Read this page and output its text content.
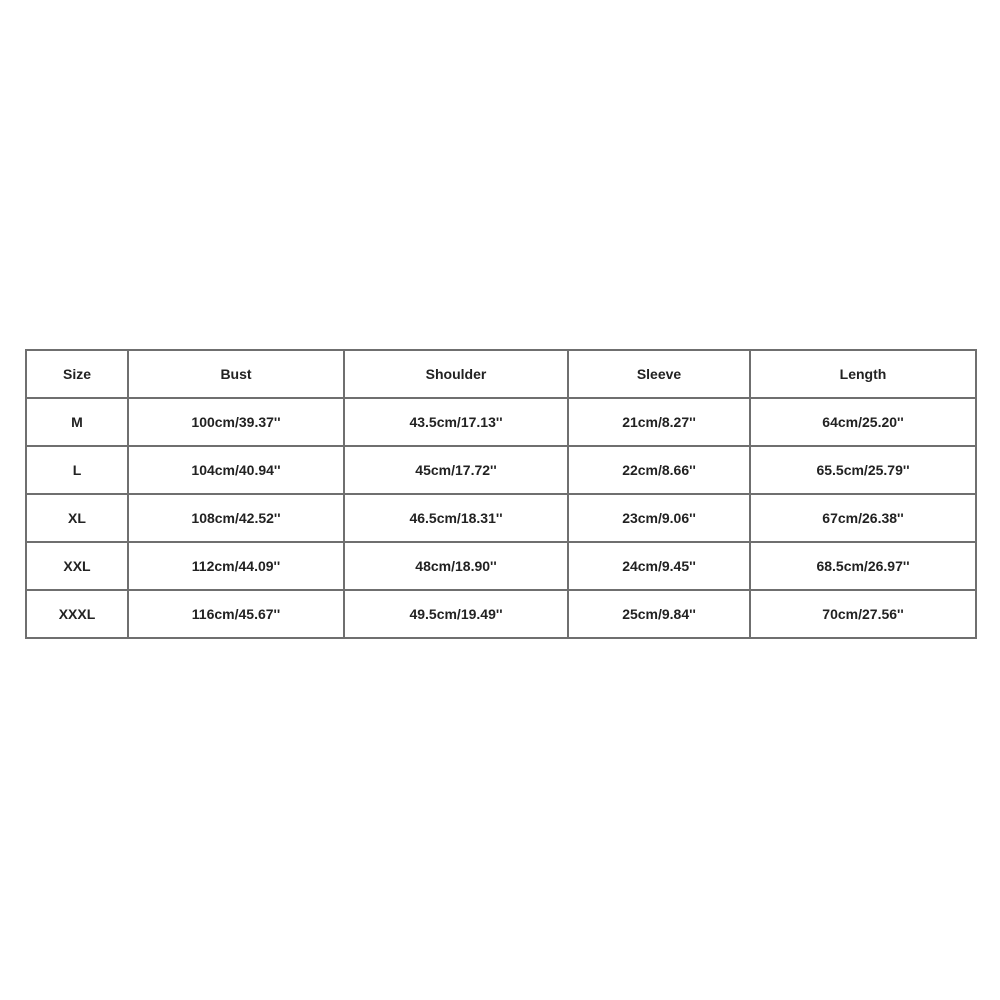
Size	Bust	Shoulder	Sleeve	Length
M	100cm/39.37''	43.5cm/17.13''	21cm/8.27''	64cm/25.20''
L	104cm/40.94''	45cm/17.72''	22cm/8.66''	65.5cm/25.79''
XL	108cm/42.52''	46.5cm/18.31''	23cm/9.06''	67cm/26.38''
XXL	112cm/44.09''	48cm/18.90''	24cm/9.45''	68.5cm/26.97''
XXXL	116cm/45.67''	49.5cm/19.49''	25cm/9.84''	70cm/27.56''
